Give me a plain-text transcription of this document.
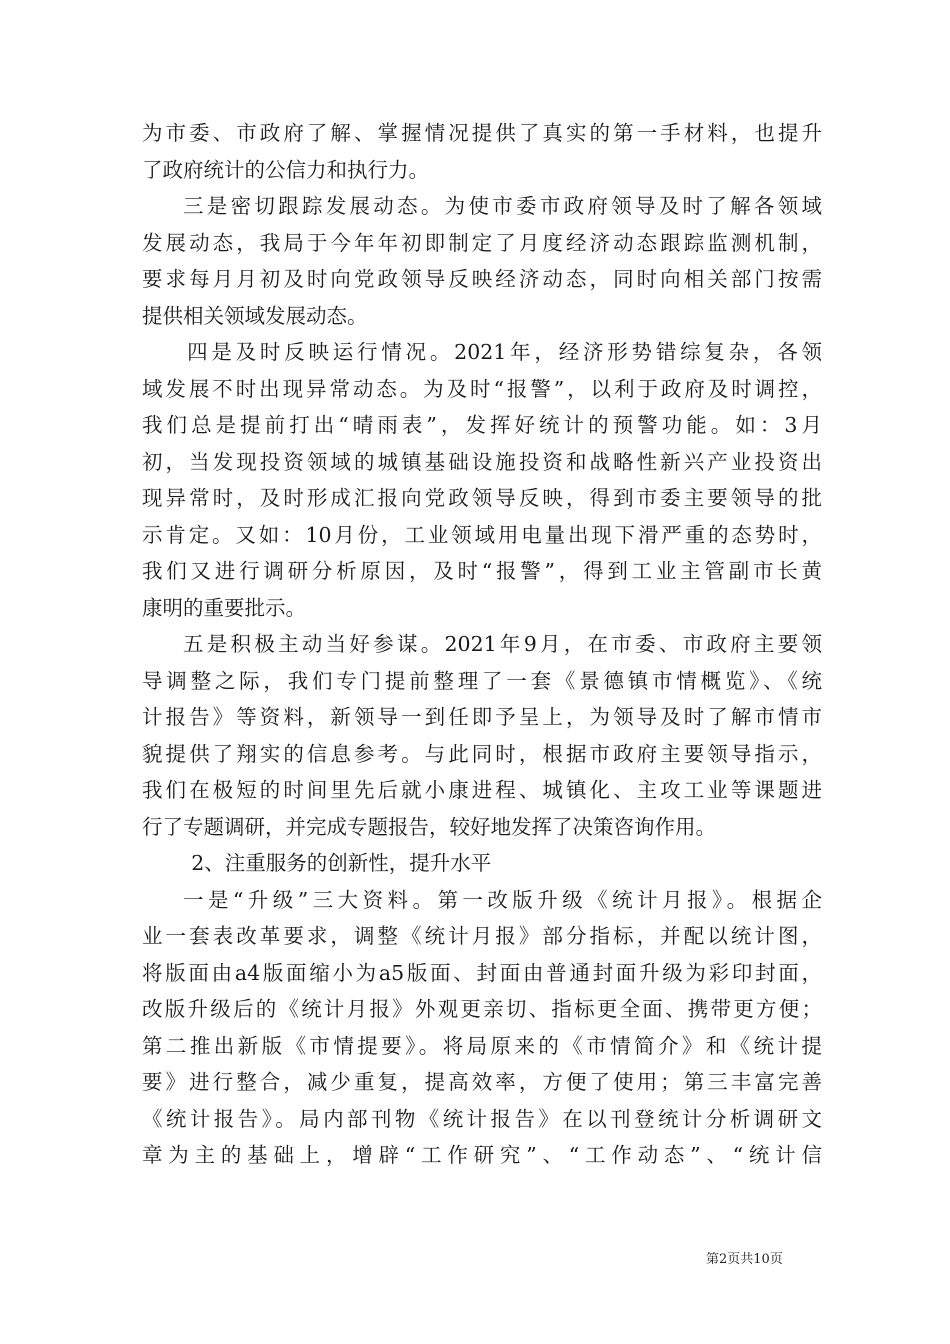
为市委、市政府了解、掌握情况提供了真实的第一手材料，也提升
了政府统计的公信力和执行力。
三是密切跟踪发展动态。为使市委市政府领导及时了解各领域
发展动态，我局于今年年初即制定了月度经济动态跟踪监测机制，
要求每月月初及时向党政领导反映经济动态，同时向相关部门按需
提供相关领域发展动态。
四是及时反映运行情况。2021年，经济形势错综复杂，各领
域发展不时出现异常动态。为及时“报警”，以利于政府及时调控，
我们总是提前打出“晴雨表”，发挥好统计的预警功能。如：3月
初，当发现投资领域的城镇基础设施投资和战略性新兴产业投资出
现异常时，及时形成汇报向党政领导反映，得到市委主要领导的批
示肯定。又如：10月份，工业领域用电量出现下滑严重的态势时，
我们又进行调研分析原因，及时“报警”，得到工业主管副市长黄
康明的重要批示。
五是积极主动当好参谋。2021年9月，在市委、市政府主要领
导调整之际，我们专门提前整理了一套《景德镇市情概览》、《统
计报告》等资料，新领导一到任即予呈上，为领导及时了解市情市
貌提供了翔实的信息参考。与此同时，根据市政府主要领导指示，
我们在极短的时间里先后就小康进程、城镇化、主攻工业等课题进
行了专题调研，并完成专题报告，较好地发挥了决策咨询作用。
2、注重服务的创新性，提升水平
一是“升级”三大资料。第一改版升级《统计月报》。根据企
业一套表改革要求，调整《统计月报》部分指标，并配以统计图，
将版面由a4版面缩小为a5版面、封面由普通封面升级为彩印封面，
改版升级后的《统计月报》外观更亲切、指标更全面、携带更方便；
第二推出新版《市情提要》。将局原来的《市情简介》和《统计提
要》进行整合，减少重复，提高效率，方便了使用；第三丰富完善
《统计报告》。局内部刊物《统计报告》在以刊登统计分析调研文
章为主的基础上，增辟“工作研究”、“工作动态”、“统计信
第2页共10页
